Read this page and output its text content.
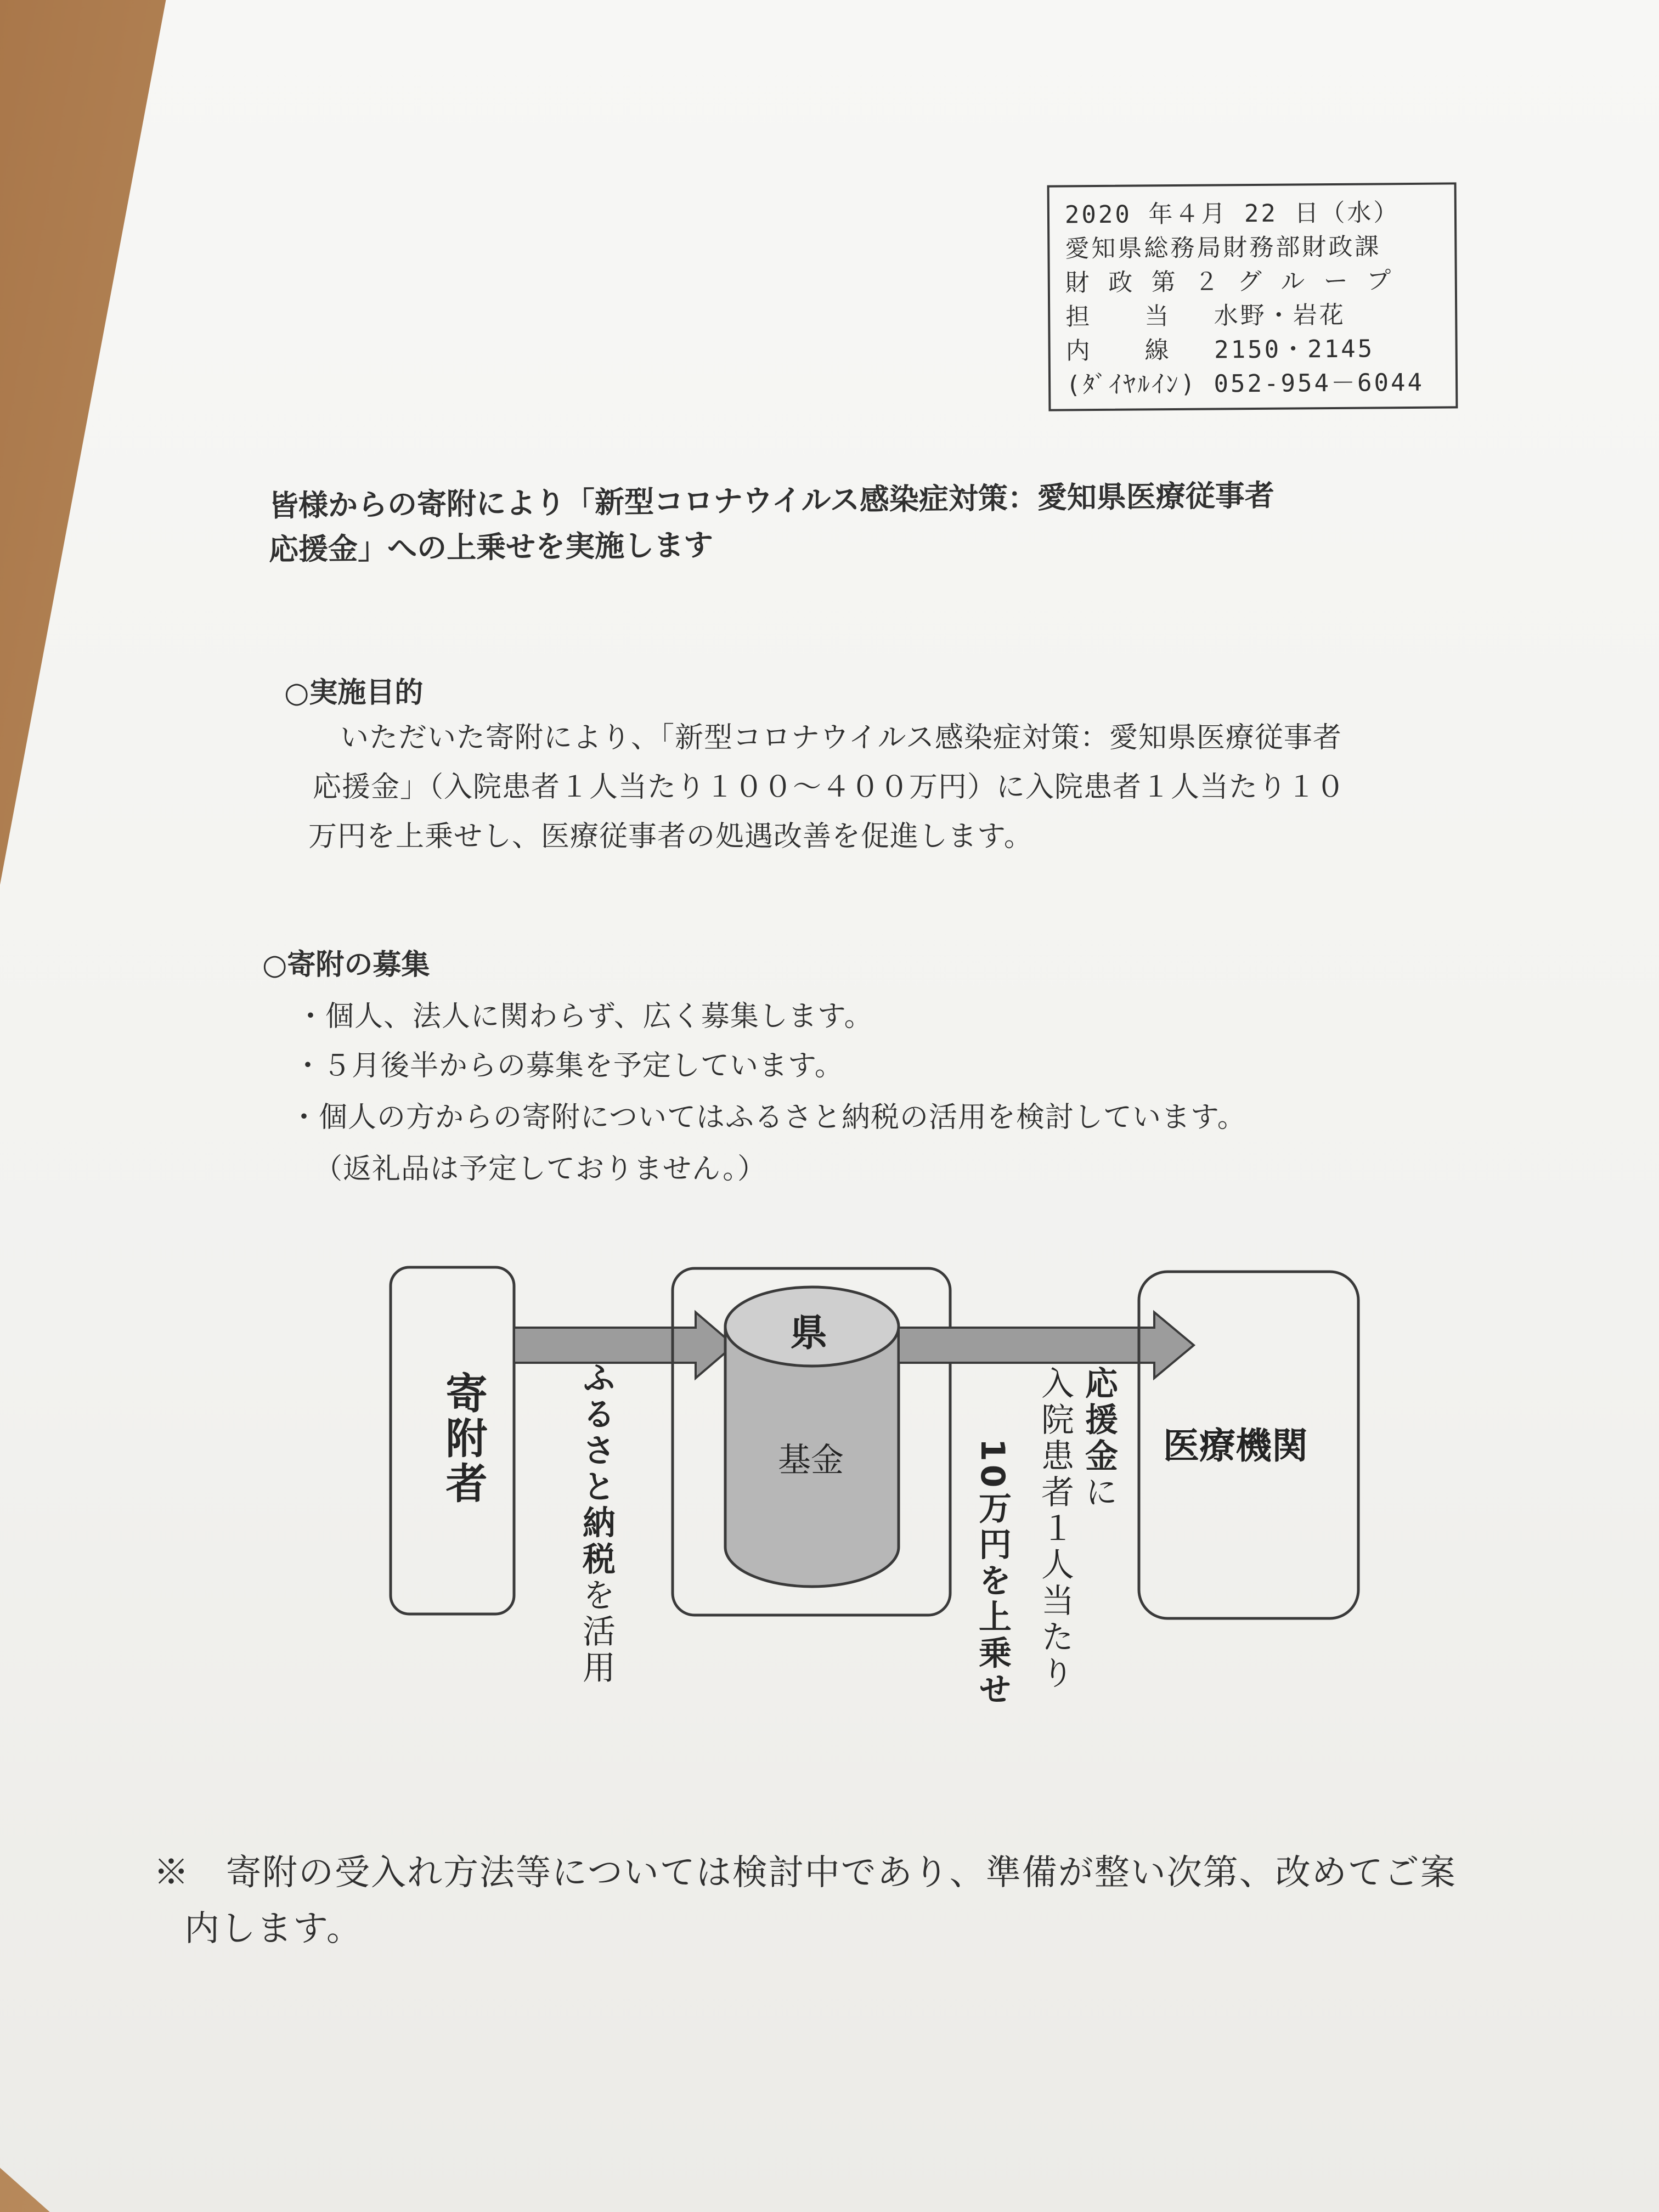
2020 年４月 22 日（水）
愛知県総務局財務部財政課
財 政 第 ２ グ ル ー プ
担　　当　 水野・岩花
内　　線　 2150・2145
(ﾀﾞｲﾔﾙｲﾝ) 052-954－6044
皆様からの寄附により「新型コロナウイルス感染症対策：愛知県医療従事者
応援金」への上乗せを実施します
○実施目的
いただいた寄附により、「新型コロナウイルス感染症対策：愛知県医療従事者
応援金」（入院患者１人当たり１００～４００万円）に入院患者１人当たり１０
万円を上乗せし、医療従事者の処遇改善を促進します。
○寄附の募集
・個人、法人に関わらず、広く募集します。
・５月後半からの募集を予定しています。
・個人の方からの寄附についてはふるさと納税の活用を検討しています。
（返礼品は予定しておりません。）
寄附者	ふるさと納税を活用
県
基金	応援金に
入院患者１人当たり
10万円を上乗せ	医療機関
※　寄附の受入れ方法等については検討中であり、準備が整い次第、改めてご案
内します。
